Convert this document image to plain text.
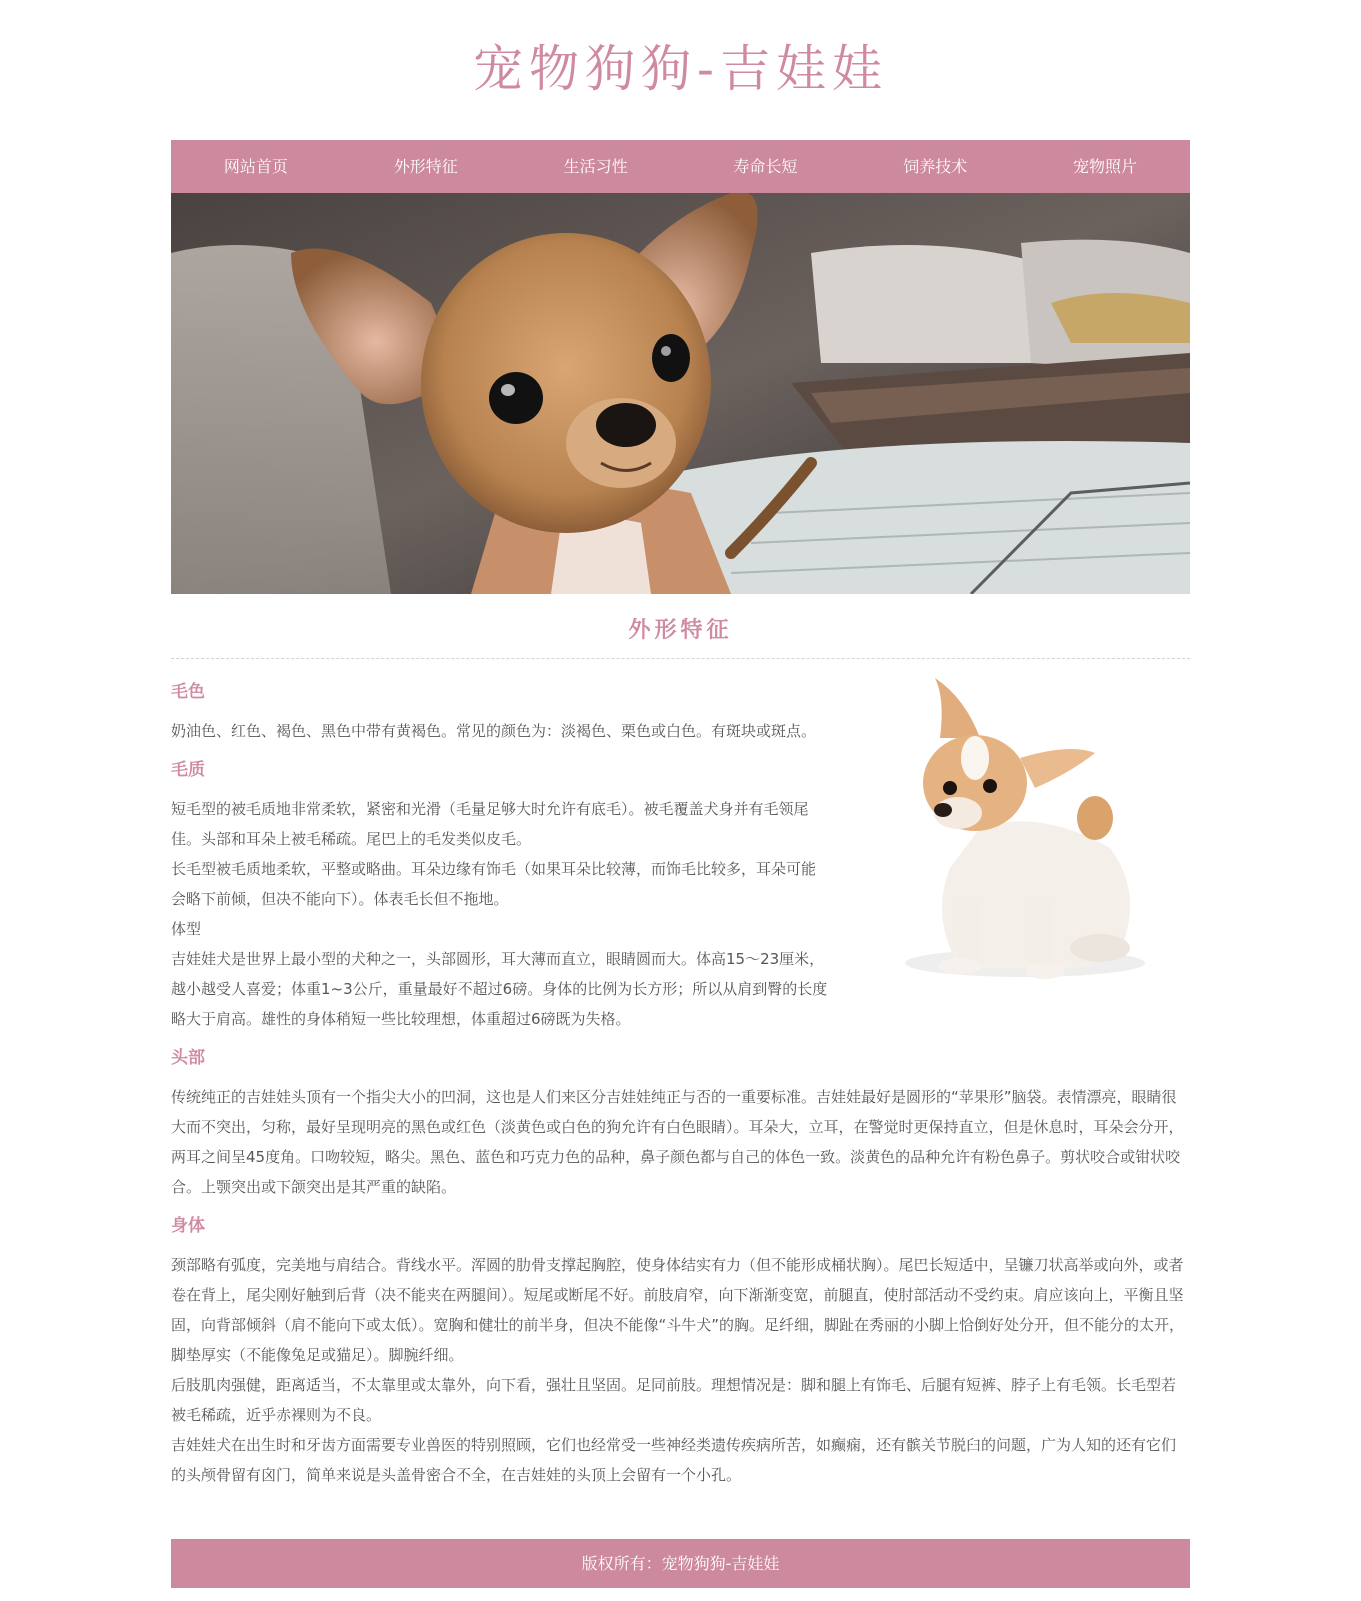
宠物狗狗-吉娃娃
网站首页	外形特征	生活习性	寿命长短	饲养技术	宠物照片
外形特征
毛色

奶油色、红色、褐色、黑色中带有黄褐色。常见的颜色为：淡褐色、栗色或白色。有斑块或斑点。

毛质

短毛型的被毛质地非常柔软，紧密和光滑（毛量足够大时允许有底毛）。被毛覆盖犬身并有毛领尾佳。头部和耳朵上被毛稀疏。尾巴上的毛发类似皮毛。

长毛型被毛质地柔软，平整或略曲。耳朵边缘有饰毛（如果耳朵比较薄，而饰毛比较多，耳朵可能会略下前倾，但决不能向下）。体表毛长但不拖地。

体型

吉娃娃犬是世界上最小型的犬种之一，头部圆形，耳大薄而直立，眼睛圆而大。体高15～23厘米，越小越受人喜爱；体重1~3公斤，重量最好不超过6磅。身体的比例为长方形；所以从肩到臀的长度略大于肩高。雄性的身体稍短一些比较理想，体重超过6磅既为失格。

头部

传统纯正的吉娃娃头顶有一个指尖大小的凹洞，这也是人们来区分吉娃娃纯正与否的一重要标准。吉娃娃最好是圆形的“苹果形”脑袋。表情漂亮，眼睛很大而不突出，匀称，最好呈现明亮的黑色或红色（淡黄色或白色的狗允许有白色眼睛）。耳朵大，立耳，在警觉时更保持直立，但是休息时，耳朵会分开，两耳之间呈45度角。口吻较短，略尖。黑色、蓝色和巧克力色的品种，鼻子颜色都与自己的体色一致。淡黄色的品种允许有粉色鼻子。剪状咬合或钳状咬合。上颚突出或下颌突出是其严重的缺陷。

身体

颈部略有弧度，完美地与肩结合。背线水平。浑圆的肋骨支撑起胸腔，使身体结实有力（但不能形成桶状胸）。尾巴长短适中，呈镰刀状高举或向外，或者卷在背上，尾尖刚好触到后背（决不能夹在两腿间）。短尾或断尾不好。前肢肩窄，向下渐渐变宽，前腿直，使肘部活动不受约束。肩应该向上，平衡且坚固，向背部倾斜（肩不能向下或太低）。宽胸和健壮的前半身，但决不能像“斗牛犬”的胸。足纤细，脚趾在秀丽的小脚上恰倒好处分开，但不能分的太开，脚垫厚实（不能像兔足或猫足）。脚腕纤细。

后肢肌肉强健，距离适当，不太靠里或太靠外，向下看，强壮且坚固。足同前肢。理想情况是：脚和腿上有饰毛、后腿有短裤、脖子上有毛领。长毛型若被毛稀疏，近乎赤裸则为不良。

吉娃娃犬在出生时和牙齿方面需要专业兽医的特别照顾，它们也经常受一些神经类遗传疾病所苦，如癫痫，还有髌关节脱臼的问题，广为人知的还有它们的头颅骨留有囟门，简单来说是头盖骨密合不全，在吉娃娃的头顶上会留有一个小孔。

版权所有：宠物狗狗-吉娃娃
